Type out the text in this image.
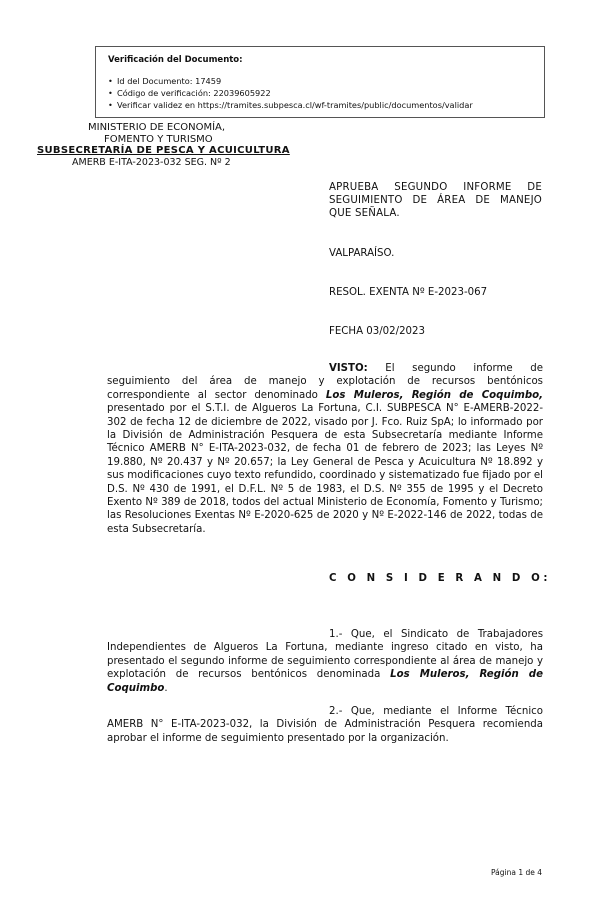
Verificación del Documento:
• Id del Documento: 17459
• Código de verificación: 22039605922
• Verificar validez en https://tramites.subpesca.cl/wf-tramites/public/documentos/validar
MINISTERIO DE ECONOMÍA,
FOMENTO Y TURISMO
SUBSECRETARÍA DE PESCA Y ACUICULTURA
AMERB E-ITA-2023-032 SEG. Nº 2
APRUEBA SEGUNDO INFORME DE
SEGUIMIENTO DE ÁREA DE MANEJO
QUE SEÑALA.
VALPARAÍSO.
RESOL. EXENTA Nº E-2023-067
FECHA 03/02/2023
VISTO: El segundo informe de seguimiento del área de manejo y explotación de recursos bentónicos correspondiente al sector denominado Los Muleros, Región de Coquimbo, presentado por el S.T.I. de Algueros La Fortuna, C.I. SUBPESCA N° E-AMERB-2022-302 de fecha 12 de diciembre de 2022, visado por J. Fco. Ruiz SpA; lo informado por la División de Administración Pesquera de esta Subsecretaría mediante Informe Técnico AMERB N° E-ITA-2023-032, de fecha 01 de febrero de 2023; las Leyes Nº 19.880, Nº 20.437 y Nº 20.657; la Ley General de Pesca y Acuicultura Nº 18.892 y sus modificaciones cuyo texto refundido, coordinado y sistematizado fue fijado por el D.S. Nº 430 de 1991, el D.F.L. Nº 5 de 1983, el D.S. Nº 355 de 1995 y el Decreto Exento Nº 389 de 2018, todos del actual Ministerio de Economía, Fomento y Turismo; las Resoluciones Exentas Nº E-2020-625 de 2020 y Nº E-2022-146 de 2022, todas de esta Subsecretaría.
C O N S I D E R A N D O:
1.- Que, el Sindicato de Trabajadores Independientes de Algueros La Fortuna, mediante ingreso citado en visto, ha presentado el segundo informe de seguimiento correspondiente al área de manejo y explotación de recursos bentónicos denominada Los Muleros, Región de Coquimbo.
2.- Que, mediante el Informe Técnico AMERB N° E-ITA-2023-032, la División de Administración Pesquera recomienda aprobar el informe de seguimiento presentado por la organización.
Página 1 de 4
